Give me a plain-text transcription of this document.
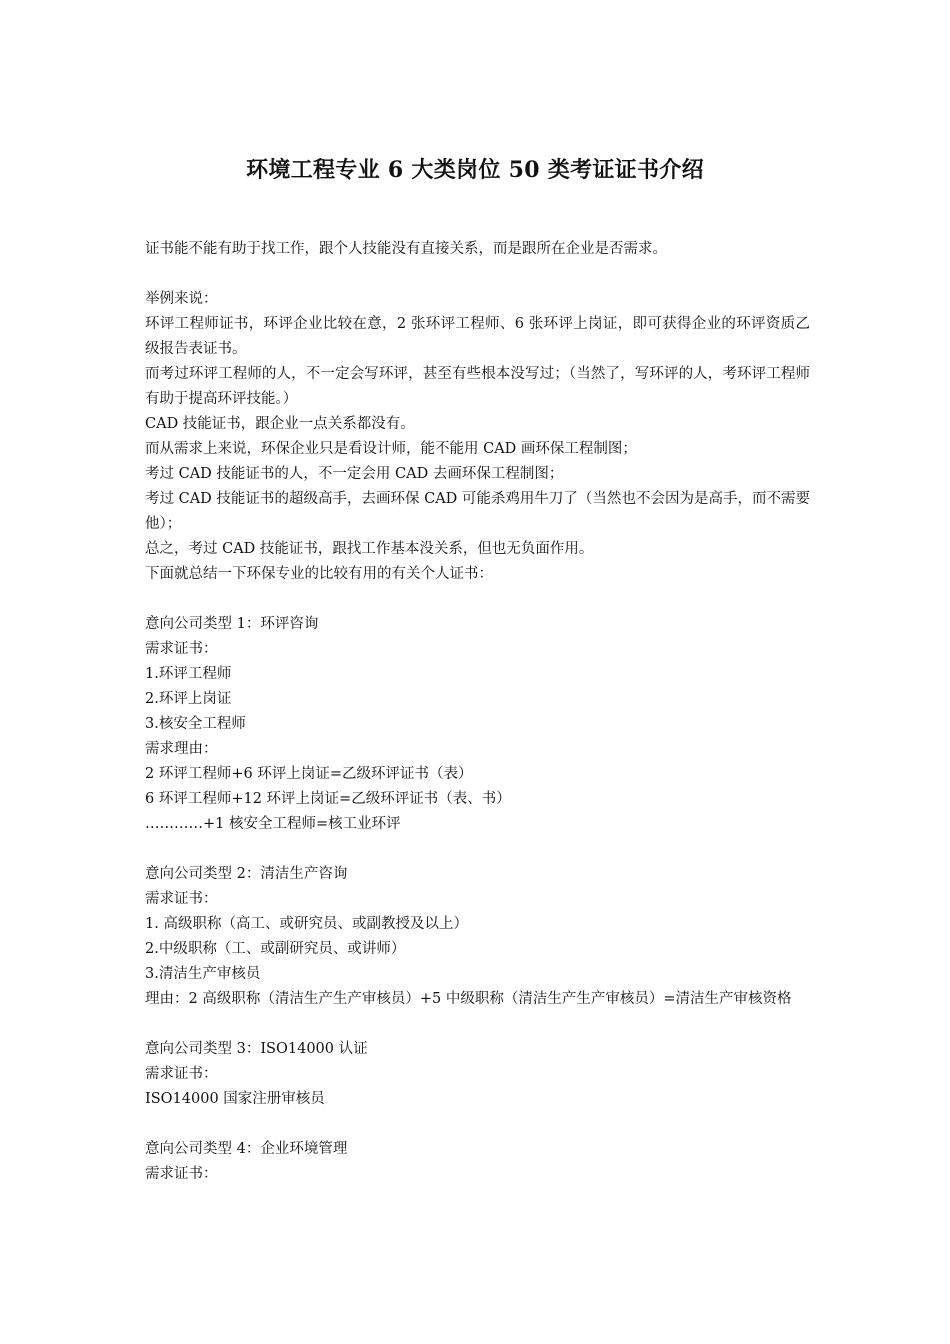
环境工程专业 6 大类岗位 50 类考证证书介绍
证书能不能有助于找工作，跟个人技能没有直接关系，而是跟所在企业是否需求。
举例来说：
环评工程师证书，环评企业比较在意，2 张环评工程师、6 张环评上岗证，即可获得企业的环评资质乙级报告表证书。
而考过环评工程师的人，不一定会写环评，甚至有些根本没写过；（当然了，写环评的人，考环评工程师有助于提高环评技能。）
CAD 技能证书，跟企业一点关系都没有。
而从需求上来说，环保企业只是看设计师，能不能用 CAD 画环保工程制图；
考过 CAD 技能证书的人，不一定会用 CAD 去画环保工程制图；
考过 CAD 技能证书的超级高手，去画环保 CAD 可能杀鸡用牛刀了（当然也不会因为是高手，而不需要他）；
总之，考过 CAD 技能证书，跟找工作基本没关系，但也无负面作用。
下面就总结一下环保专业的比较有用的有关个人证书：
意向公司类型 1：环评咨询
需求证书：
1.环评工程师
2.环评上岗证
3.核安全工程师
需求理由：
2 环评工程师+6 环评上岗证=乙级环评证书（表）
6 环评工程师+12 环评上岗证=乙级环评证书（表、书）
…………+1 核安全工程师=核工业环评
意向公司类型 2：清洁生产咨询
需求证书：
1. 高级职称（高工、或研究员、或副教授及以上）
2.中级职称（工、或副研究员、或讲师）
3.清洁生产审核员
理由：2 高级职称（清洁生产生产审核员）+5 中级职称（清洁生产生产审核员）=清洁生产审核资格
意向公司类型 3：ISO14000 认证
需求证书：
ISO14000 国家注册审核员
意向公司类型 4：企业环境管理
需求证书：
